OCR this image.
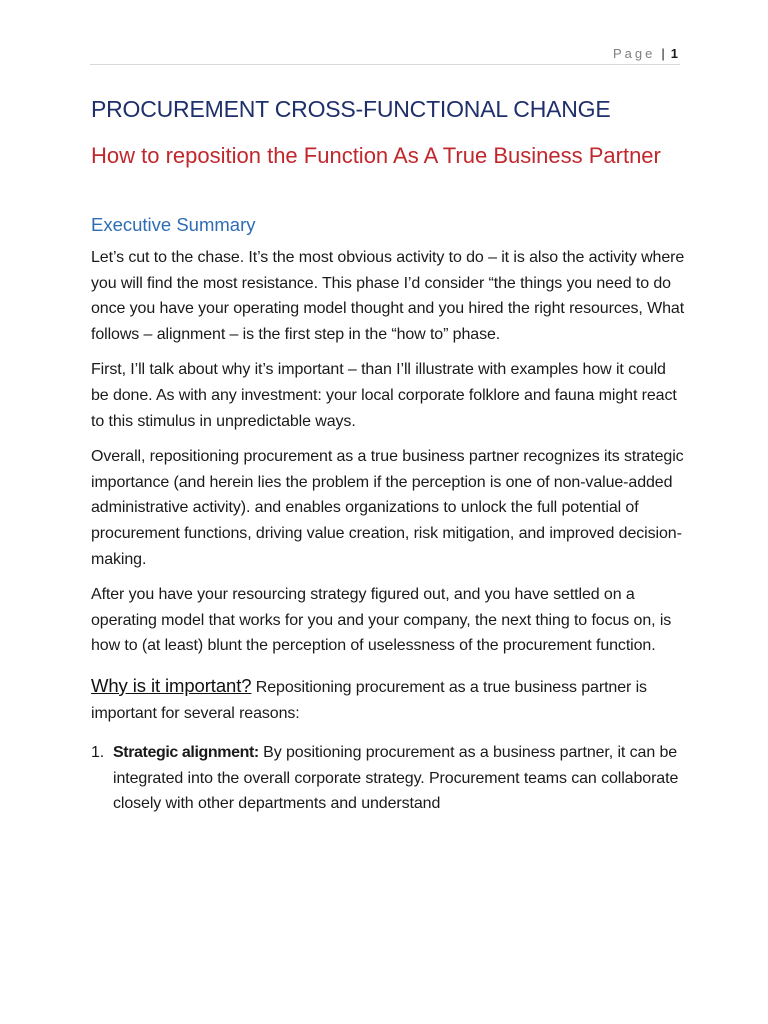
Page | 1
PROCUREMENT CROSS-FUNCTIONAL CHANGE
How to reposition the Function As A True Business Partner
Executive Summary

Let’s cut to the chase. It’s the most obvious activity to do – it is also the activity where you will find the most resistance. This phase I’d consider “the things you need to do once you have your operating model thought and you hired the right resources, What follows – alignment – is the first step in the “how to” phase.

First, I’ll talk about why it’s important – than I’ll illustrate with examples how it could be done. As with any investment: your local corporate folklore and fauna might react to this stimulus in unpredictable ways.

Overall, repositioning procurement as a true business partner recognizes its strategic importance (and herein lies the problem if the perception is one of non-value-added administrative activity). and enables organizations to unlock the full potential of procurement functions, driving value creation, risk mitigation, and improved decision-making.

After you have your resourcing strategy figured out, and you have settled on a operating model that works for you and your company, the next thing to focus on, is how to (at least) blunt the perception of uselessness of the procurement function.

Why is it important? Repositioning procurement as a true business partner is important for several reasons:

1. Strategic alignment: By positioning procurement as a business partner, it can be integrated into the overall corporate strategy. Procurement teams can collaborate closely with other departments and understand
